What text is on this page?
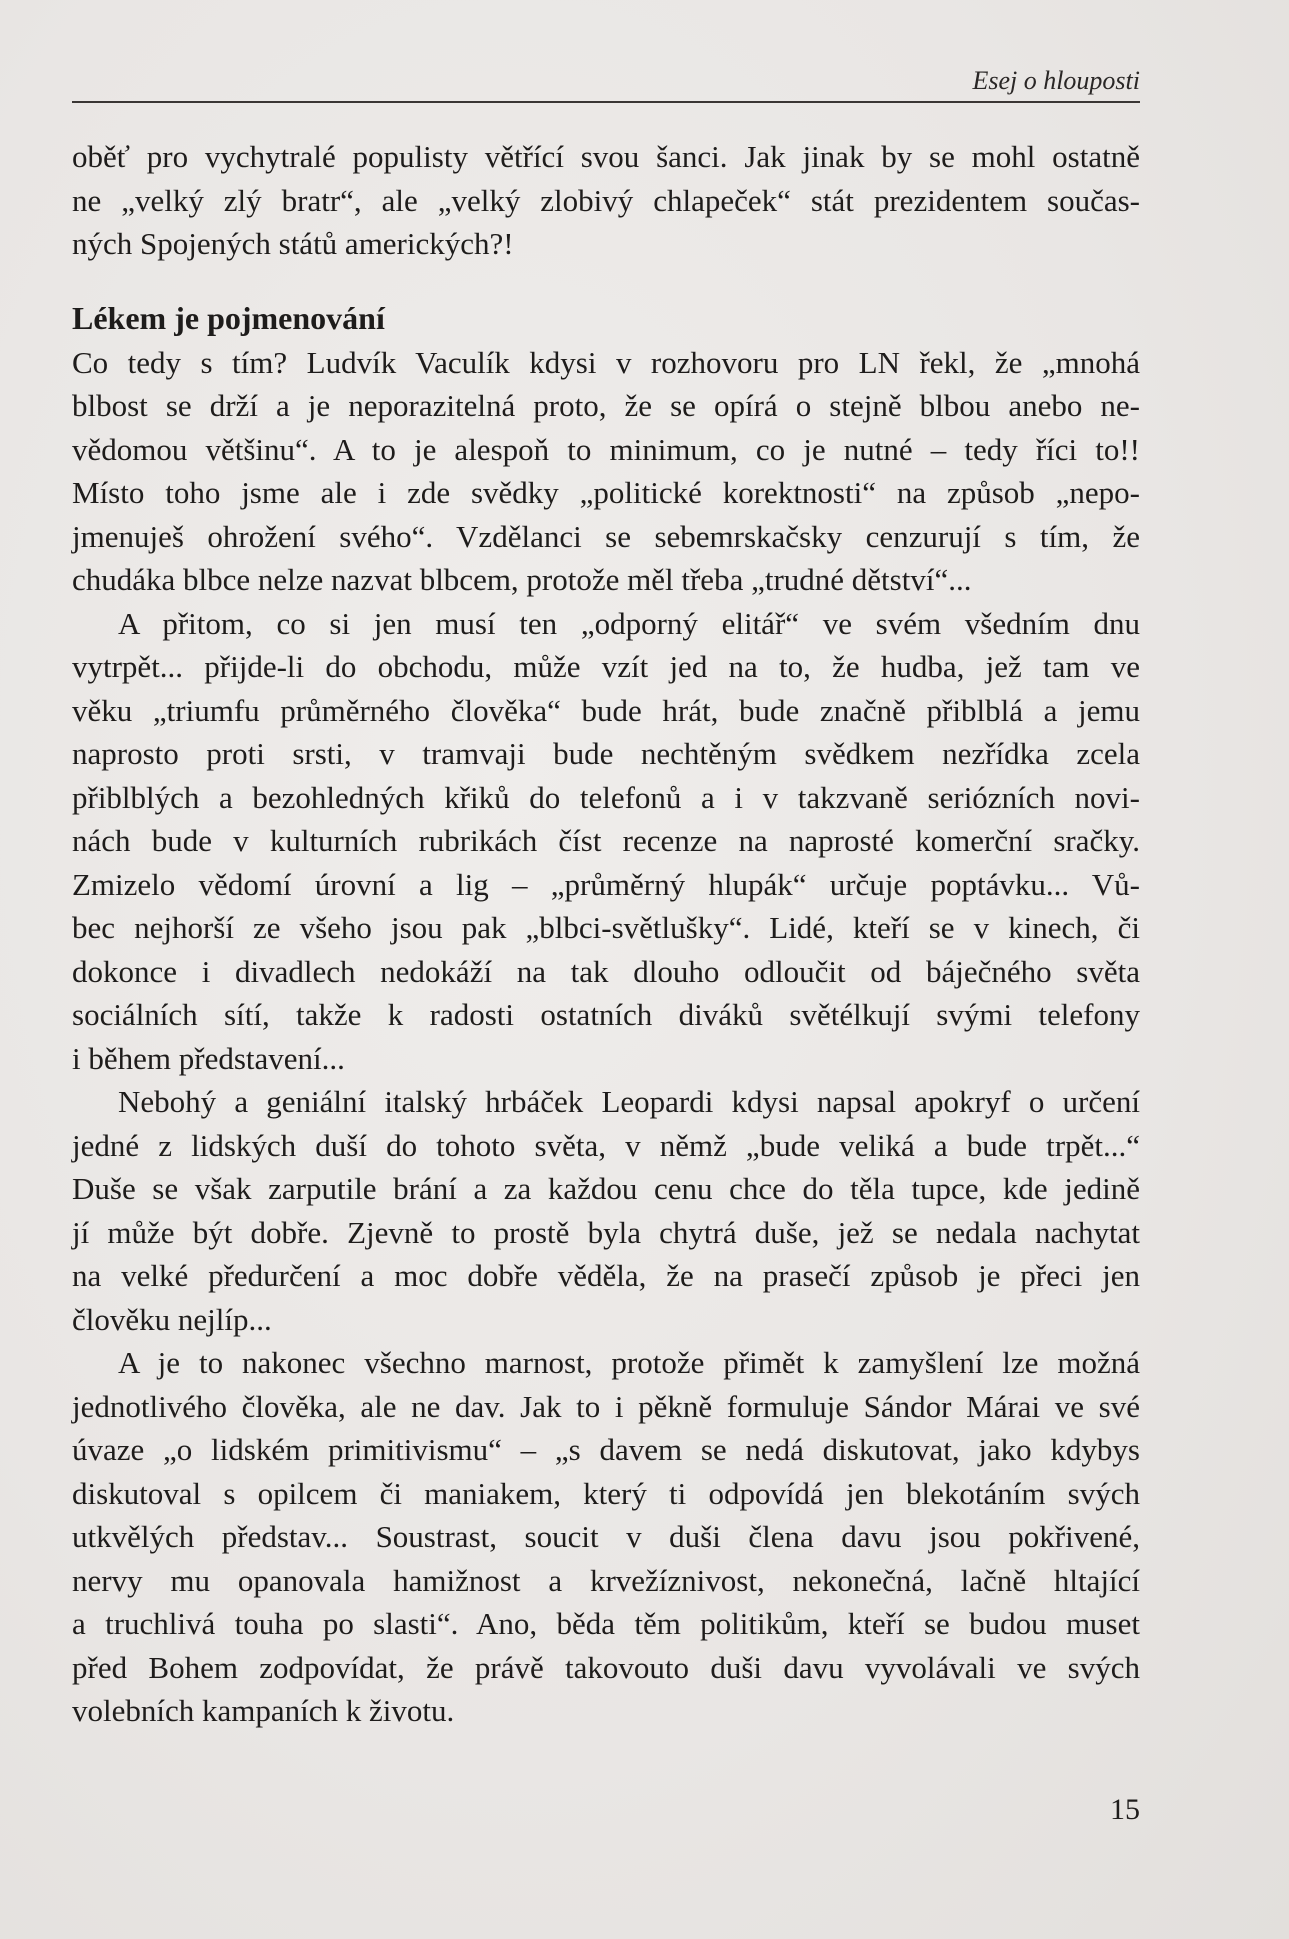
Esej o hlouposti
oběť pro vychytralé populisty větřící svou šanci. Jak jinak by se mohl ostatně
ne „velký zlý bratr“, ale „velký zlobivý chlapeček“ stát prezidentem součas-
ných Spojených států amerických?!
Lékem je pojmenování
Co tedy s tím? Ludvík Vaculík kdysi v rozhovoru pro LN řekl, že „mnohá
blbost se drží a je neporazitelná proto, že se opírá o stejně blbou anebo ne-
vědomou většinu“. A to je alespoň to minimum, co je nutné – tedy říci to!!
Místo toho jsme ale i zde svědky „politické korektnosti“ na způsob „nepo-
jmenuješ ohrožení svého“. Vzdělanci se sebemrskačsky cenzurují s tím, že
chudáka blbce nelze nazvat blbcem, protože měl třeba „trudné dětství“...
A přitom, co si jen musí ten „odporný elitář“ ve svém všedním dnu
vytrpět... přijde-li do obchodu, může vzít jed na to, že hudba, jež tam ve
věku „triumfu průměrného člověka“ bude hrát, bude značně přiblblá a jemu
naprosto proti srsti, v tramvaji bude nechtěným svědkem nezřídka zcela
přiblblých a bezohledných křiků do telefonů a i v takzvaně seriózních novi-
nách bude v kulturních rubrikách číst recenze na naprosté komerční sračky.
Zmizelo vědomí úrovní a lig – „průměrný hlupák“ určuje poptávku... Vů-
bec nejhorší ze všeho jsou pak „blbci-světlušky“. Lidé, kteří se v kinech, či
dokonce i divadlech nedokáží na tak dlouho odloučit od báječného světa
sociálních sítí, takže k radosti ostatních diváků světélkují svými telefony
i během představení...
Nebohý a geniální italský hrbáček Leopardi kdysi napsal apokryf o určení
jedné z lidských duší do tohoto světa, v němž „bude veliká a bude trpět...“
Duše se však zarputile brání a za každou cenu chce do těla tupce, kde jedině
jí může být dobře. Zjevně to prostě byla chytrá duše, jež se nedala nachytat
na velké předurčení a moc dobře věděla, že na prasečí způsob je přeci jen
člověku nejlíp...
A je to nakonec všechno marnost, protože přimět k zamyšlení lze možná
jednotlivého člověka, ale ne dav. Jak to i pěkně formuluje Sándor Márai ve své
úvaze „o lidském primitivismu“ – „s davem se nedá diskutovat, jako kdybys
diskutoval s opilcem či maniakem, který ti odpovídá jen blekotáním svých
utkvělých představ... Soustrast, soucit v duši člena davu jsou pokřivené,
nervy mu opanovala hamižnost a krvežíznivost, nekonečná, lačně hltající
a truchlivá touha po slasti“. Ano, běda těm politikům, kteří se budou muset
před Bohem zodpovídat, že právě takovouto duši davu vyvolávali ve svých
volebních kampaních k životu.
15
